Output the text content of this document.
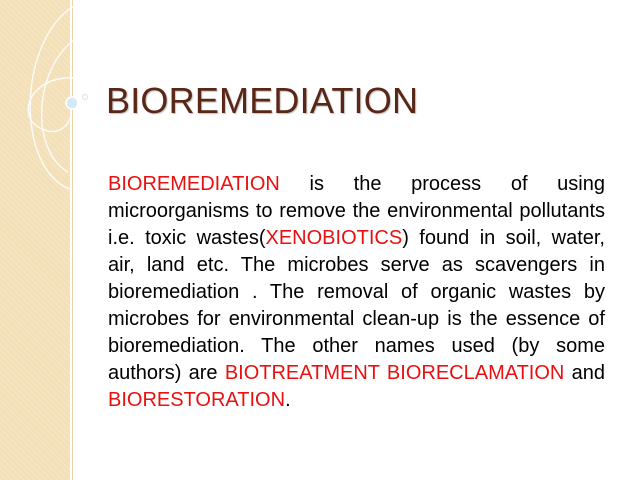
BIOREMEDIATION

BIOREMEDIATION is the process of using microorganisms to remove the environmental pollutants i.e. toxic wastes(XENOBIOTICS) found in soil, water, air, land etc. The microbes serve as scavengers in bioremediation . The removal of organic wastes by microbes for environmental clean-up is the essence of bioremediation. The other names used (by some authors) are BIOTREATMENT BIORECLAMATION and BIORESTORATION.
